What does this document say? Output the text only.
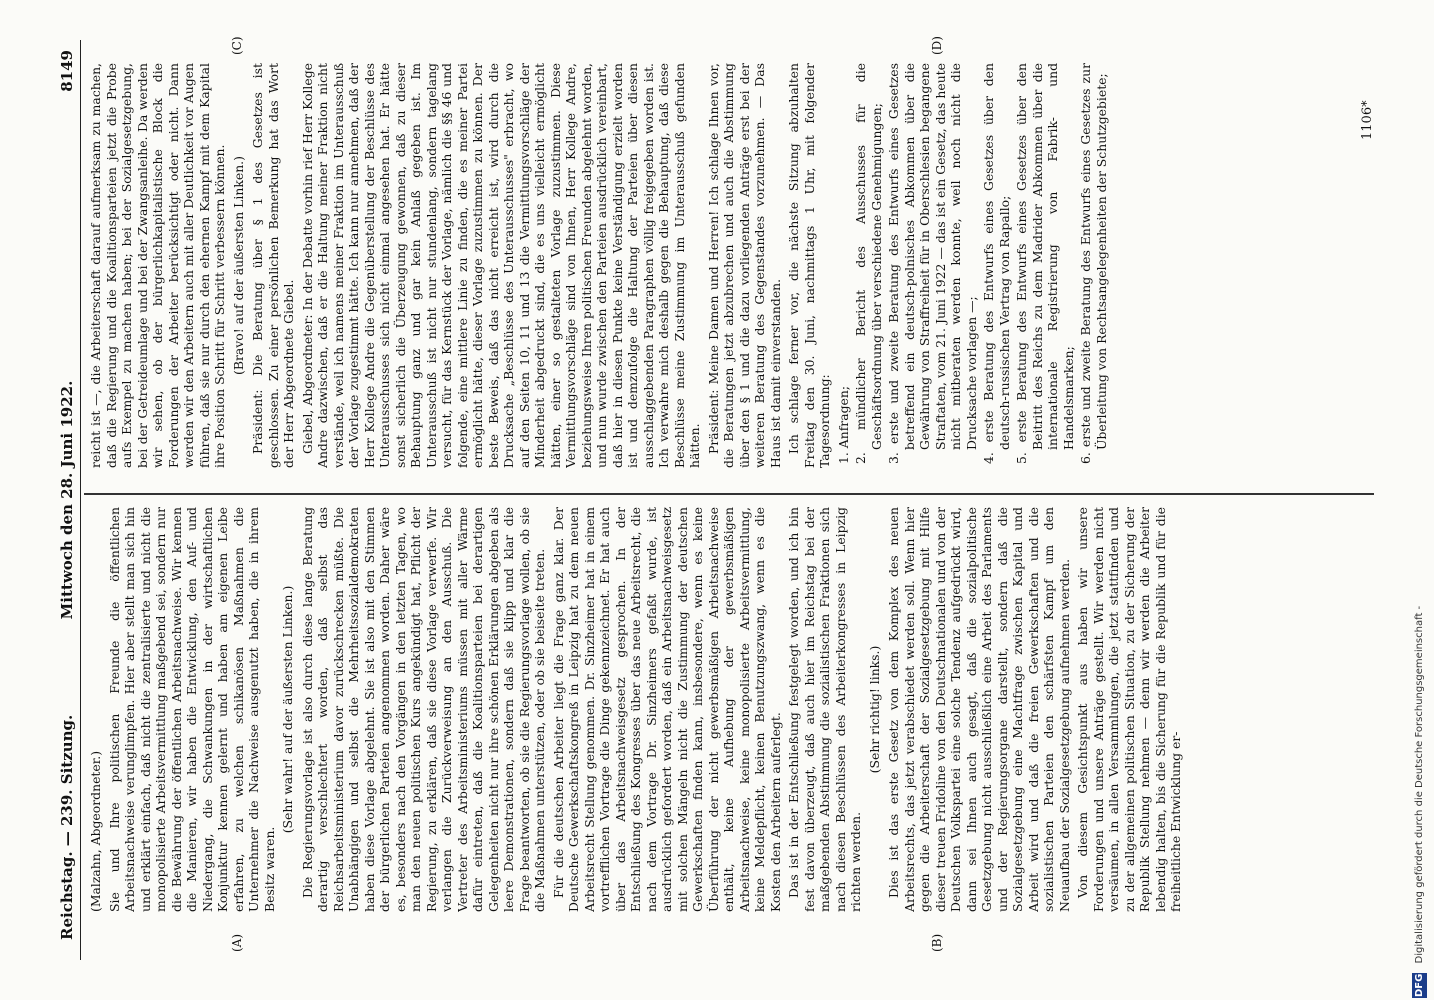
Reichstag. — 239. Sitzung.
Mittwoch den 28. Juni 1922.
8149
(A)	(B)
(C)	(D)

(Malzahn, Abgeordneter.) Sie und Ihre politischen Freunde die öffentlichen Arbeitsnachweise verunglimpfen. Hier aber stellt man sich hin und erklärt einfach, daß nicht die zentralisierte und nicht die monopolisierte Arbeitsvermittlung maßgebend sei, sondern nur die Bewährung der öffentlichen Arbeitsnachweise. Wir kennen die Manieren, wir haben die Entwicklung, den Auf- und Niedergang, die Schwankungen in der wirtschaftlichen Konjunktur kennen gelernt und haben am eigenen Leibe erfahren, zu welchen schikanösen Maßnahmen die Unternehmer die Nachweise ausgenutzt haben, die in ihrem Besitz waren.

(Sehr wahr! auf der äußersten Linken.) Die Regierungsvorlage ist also durch diese lange Beratung derartig verschlechtert worden, daß selbst das Reichsarbeitsministerium davor zurückschrecken müßte. Die Unabhängigen und selbst die Mehrheitssozialdemokraten haben diese Vorlage abgelehnt. Sie ist also mit den Stimmen der bürgerlichen Parteien angenommen worden. Daher wäre es, besonders nach den Vorgängen in den letzten Tagen, wo man den neuen politischen Kurs angekündigt hat, Pflicht der Regierung, zu erklären, daß sie diese Vorlage verwerfe. Wir verlangen die Zurückverweisung an den Ausschuß. Die Vertreter des Arbeitsministeriums müssen mit aller Wärme dafür eintreten, daß die Koalitionsparteien bei derartigen Gelegenheiten nicht nur ihre schönen Erklärungen abgeben als leere Demonstrationen, sondern daß sie klipp und klar die Frage beantworten, ob sie die Regierungsvorlage wollen, ob sie die Maßnahmen unterstützen, oder ob sie beiseite treten. Für die deutschen Arbeiter liegt die Frage ganz klar. Der Deutsche Gewerkschaftskongreß in Leipzig hat zu dem neuen Arbeitsrecht Stellung genommen. Dr. Sinzheimer hat in einem vortrefflichen Vortrage die Dinge gekennzeichnet. Er hat auch über das Arbeitsnachweisgesetz gesprochen. In der Entschließung des Kongresses über das neue Arbeitsrecht, die nach dem Vortrage Dr. Sinzheimers gefaßt wurde, ist ausdrücklich gefordert worden, daß ein Arbeitsnachweisgesetz mit solchen Mängeln nicht die Zustimmung der deutschen Gewerkschaften finden kann, insbesondere, wenn es keine Überführung der nicht gewerbsmäßigen Arbeitsnachweise enthält, keine Aufhebung der gewerbsmäßigen Arbeitsnachweise, keine monopolisierte Arbeitsvermittlung, keine Meldepflicht, keinen Benutzungszwang, wenn es die Kosten den Arbeitern auferlegt. Das ist in der Entschließung festgelegt worden, und ich bin fest davon überzeugt, daß auch hier im Reichstag bei der maßgebenden Abstimmung die sozialistischen Fraktionen sich nach diesen Beschlüssen des Arbeiterkongresses in Leipzig richten werden.

(Sehr richtig! links.) Dies ist das erste Gesetz von dem Komplex des neuen Arbeitsrechts, das jetzt verabschiedet werden soll. Wenn hier gegen die Arbeiterschaft der Sozialgesetzgebung mit Hilfe dieser treuen Fridoline von den Deutschnationalen und von der Deutschen Volkspartei eine solche Tendenz aufgedrückt wird, dann sei Ihnen auch gesagt, daß die sozialpolitische Gesetzgebung nicht ausschließlich eine Arbeit des Parlaments und der Regierungsorgane darstellt, sondern daß die Sozialgesetzgebung eine Machtfrage zwischen Kapital und Arbeit wird und daß die freien Gewerkschaften und die sozialistischen Parteien den schärfsten Kampf um den Neuaufbau der Sozialgesetzgebung aufnehmen werden. Von diesem Gesichtspunkt aus haben wir unsere Forderungen und unsere Anträge gestellt. Wir werden nicht versäumen, in allen Versammlungen, die jetzt stattfinden und zu der allgemeinen politischen Situation, zu der Sicherung der Republik Stellung nehmen — denn wir werden die Arbeiter lebendig halten, bis die Sicherung für die Republik und für die freiheitliche Entwicklung er-

reicht ist —, die Arbeiterschaft darauf aufmerksam zu machen, daß die Regierung und die Koalitionsparteien jetzt die Probe aufs Exempel zu machen haben; bei der Sozialgesetzgebung, bei der Getreideumlage und bei der Zwangsanleihe. Da werden wir sehen, ob der bürgerlichkapitalistische Block die Forderungen der Arbeiter berücksichtigt oder nicht. Dann werden wir den Arbeitern auch mit aller Deutlichkeit vor Augen führen, daß sie nur durch den ehernen Kampf mit dem Kapital ihre Position Schritt für Schritt verbessern können. (Bravo! auf der äußersten Linken.) Präsident: Die Beratung über § 1 des Gesetzes ist geschlossen. Zu einer persönlichen Bemerkung hat das Wort der Herr Abgeordnete Giebel. Giebel, Abgeordneter: In der Debatte vorhin rief Herr Kollege Andre dazwischen, daß er die Haltung meiner Fraktion nicht verstände, weil ich namens meiner Fraktion im Unterausschuß der Vorlage zugestimmt hätte. Ich kann nur annehmen, daß der Herr Kollege Andre die Gegenüberstellung der Beschlüsse des Unterausschusses sich nicht einmal angesehen hat. Er hätte sonst sicherlich die Überzeugung gewonnen, daß zu dieser Behauptung ganz und gar kein Anlaß gegeben ist. Im Unterausschuß ist nicht nur stundenlang, sondern tagelang versucht, für das Kernstück der Vorlage, nämlich die §§ 46 und folgende, eine mittlere Linie zu finden, die es meiner Partei ermöglicht hätte, dieser Vorlage zuzustimmen zu können. Der beste Beweis, daß das nicht erreicht ist, wird durch die Drucksache „Beschlüsse des Unterausschusses" erbracht, wo auf den Seiten 10, 11 und 13 die Vermittlungsvorschläge der Minderheit abgedruckt sind, die es uns vielleicht ermöglicht hätten, einer so gestalteten Vorlage zuzustimmen. Diese Vermittlungsvorschläge sind von Ihnen, Herr Kollege Andre, beziehungsweise Ihren politischen Freunden abgelehnt worden, und nun wurde zwischen den Parteien ausdrücklich vereinbart, daß hier in diesen Punkte keine Verständigung erzielt worden ist und demzufolge die Haltung der Parteien über diesen ausschlaggebenden Paragraphen völlig freigegeben worden ist. Ich verwahre mich deshalb gegen die Behauptung, daß diese Beschlüsse meine Zustimmung im Unterausschuß gefunden hätten. Präsident: Meine Damen und Herren! Ich schlage Ihnen vor, die Beratungen jetzt abzubrechen und auch die Abstimmung über den § 1 und die dazu vorliegenden Anträge erst bei der weiteren Beratung des Gegenstandes vorzunehmen. — Das Haus ist damit einverstanden. Ich schlage ferner vor, die nächste Sitzung abzuhalten Freitag den 30. Juni, nachmittags 1 Uhr, mit folgender Tagesordnung: 1. Anfragen; 2. mündlicher Bericht des Ausschusses für die Geschäftsordnung über verschiedene Genehmigungen; 3. erste und zweite Beratung des Entwurfs eines Gesetzes betreffend ein deutsch-polnisches Abkommen über die Gewährung von Straffreiheit für in Oberschlesien begangene Straftaten, vom 21. Juni 1922 — das ist ein Gesetz, das heute nicht mitberaten werden konnte, weil noch nicht die Drucksache vorlagen —; 4. erste Beratung des Entwurfs eines Gesetzes über den deutsch-russischen Vertrag von Rapallo; 5. erste Beratung des Entwurfs eines Gesetzes über den Beitritt des Reichs zu dem Madrider Abkommen über die internationale Registrierung von Fabrik- und Handelsmarken; 6. erste und zweite Beratung des Entwurfs eines Gesetzes zur Überleitung von Rechtsangelegenheiten der Schutzgebiete;	1106*
DFG Digitalisierung gefördert durch die Deutsche Forschungsgemeinschaft -
